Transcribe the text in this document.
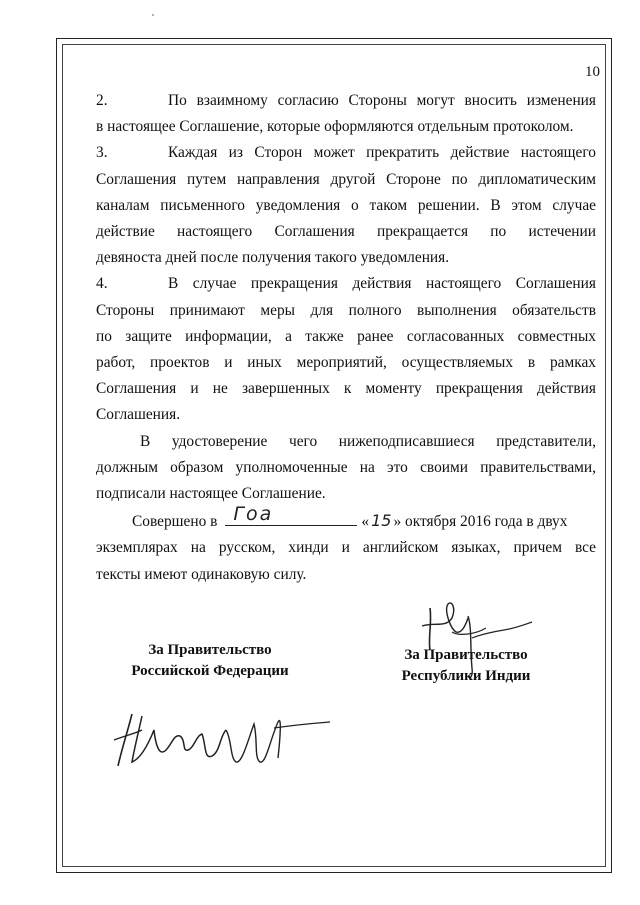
10

2.	По взаимному согласию Стороны могут вносить изменения
в настоящее Соглашение, которые оформляются отдельным протоколом.

3.	Каждая из Сторон может прекратить действие настоящего
Соглашения путем направления другой Стороне по дипломатическим
каналам письменного уведомления о таком решении. В этом случае
действие настоящего Соглашения прекращается по истечении
девяноста дней после получения такого уведомления.

4.	В случае прекращения действия настоящего Соглашения
Стороны принимают меры для полного выполнения обязательств
по защите информации, а также ранее согласованных совместных
работ, проектов и иных мероприятий, осуществляемых в рамках
Соглашения и не завершенных к моменту прекращения действия
Соглашения.

В удостоверение чего нижеподписавшиеся представители,
должным образом уполномоченные на это своими правительствами,
подписали настоящее Соглашение.

Совершено в Гоа	« 15 » октября 2016 года в двух
экземплярах на русском, хинди и английском языках, причем все
тексты имеют одинаковую силу.

За Правительство
Российской Федерации
За Правительство
Республики Индии
